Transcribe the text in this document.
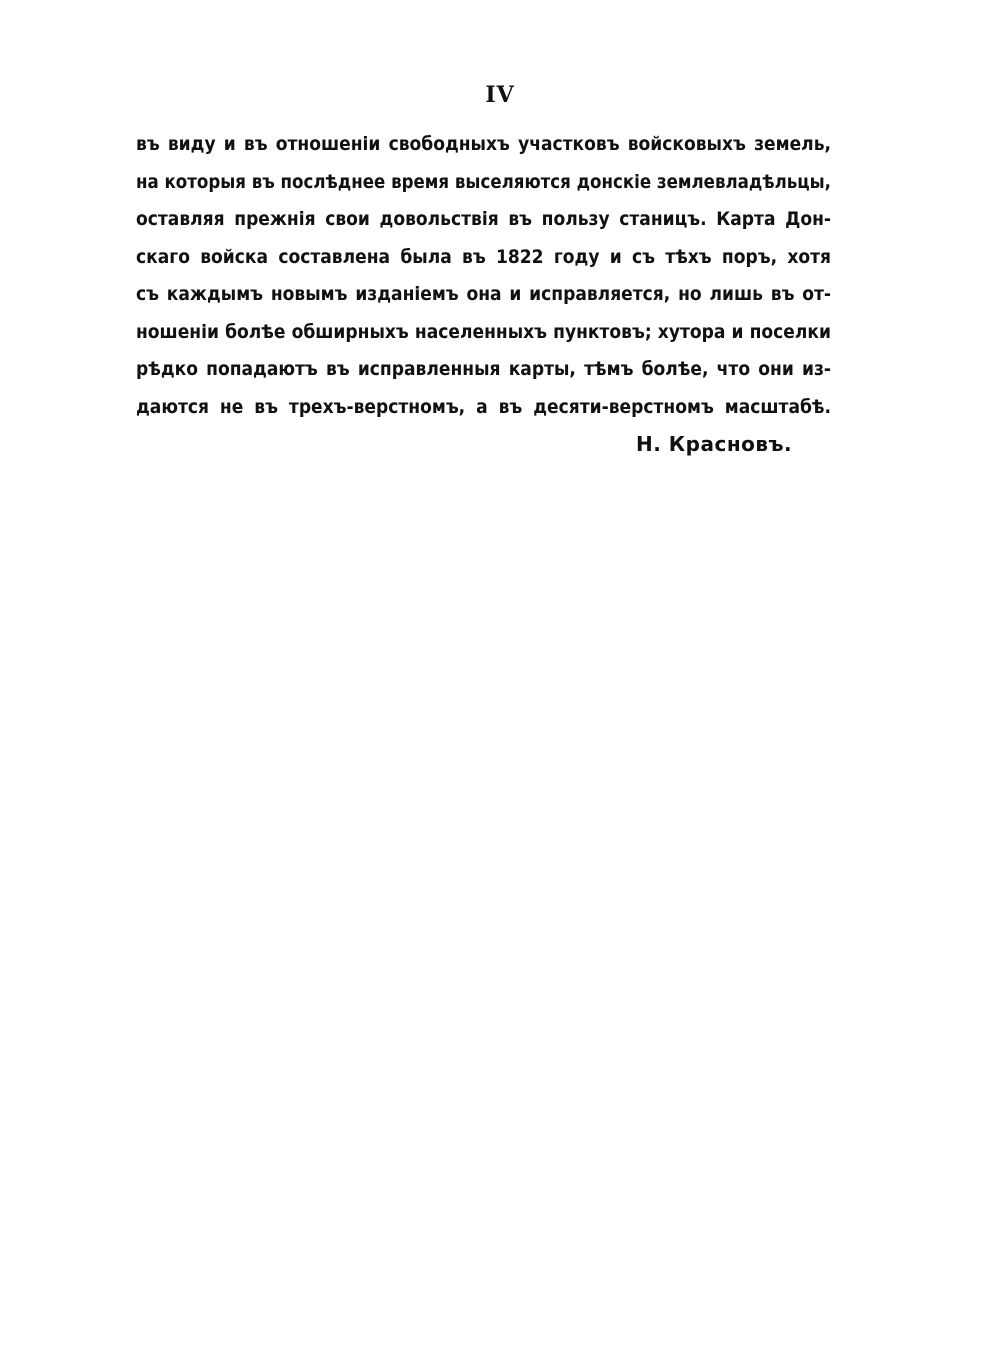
IV
въ виду и въ отношенiи свободныхъ участковъ войсковыхъ земель,
на которыя въ послѣднее время выселяются донскiе землевладѣльцы,
оставляя прежнiя свои довольствiя въ пользу станицъ. Карта Дон-
скаго войска составлена была въ 1822 году и съ тѣхъ поръ, хотя
съ каждымъ новымъ изданiемъ она и исправляется, но лишь въ от-
ношенiи болѣе обширныхъ населенныхъ пунктовъ; хутора и поселки
рѣдко попадаютъ въ исправленныя карты, тѣмъ болѣе, что они из-
даются не въ трехъ-верстномъ, а въ десяти-верстномъ масштабѣ.
Н. Красновъ.
